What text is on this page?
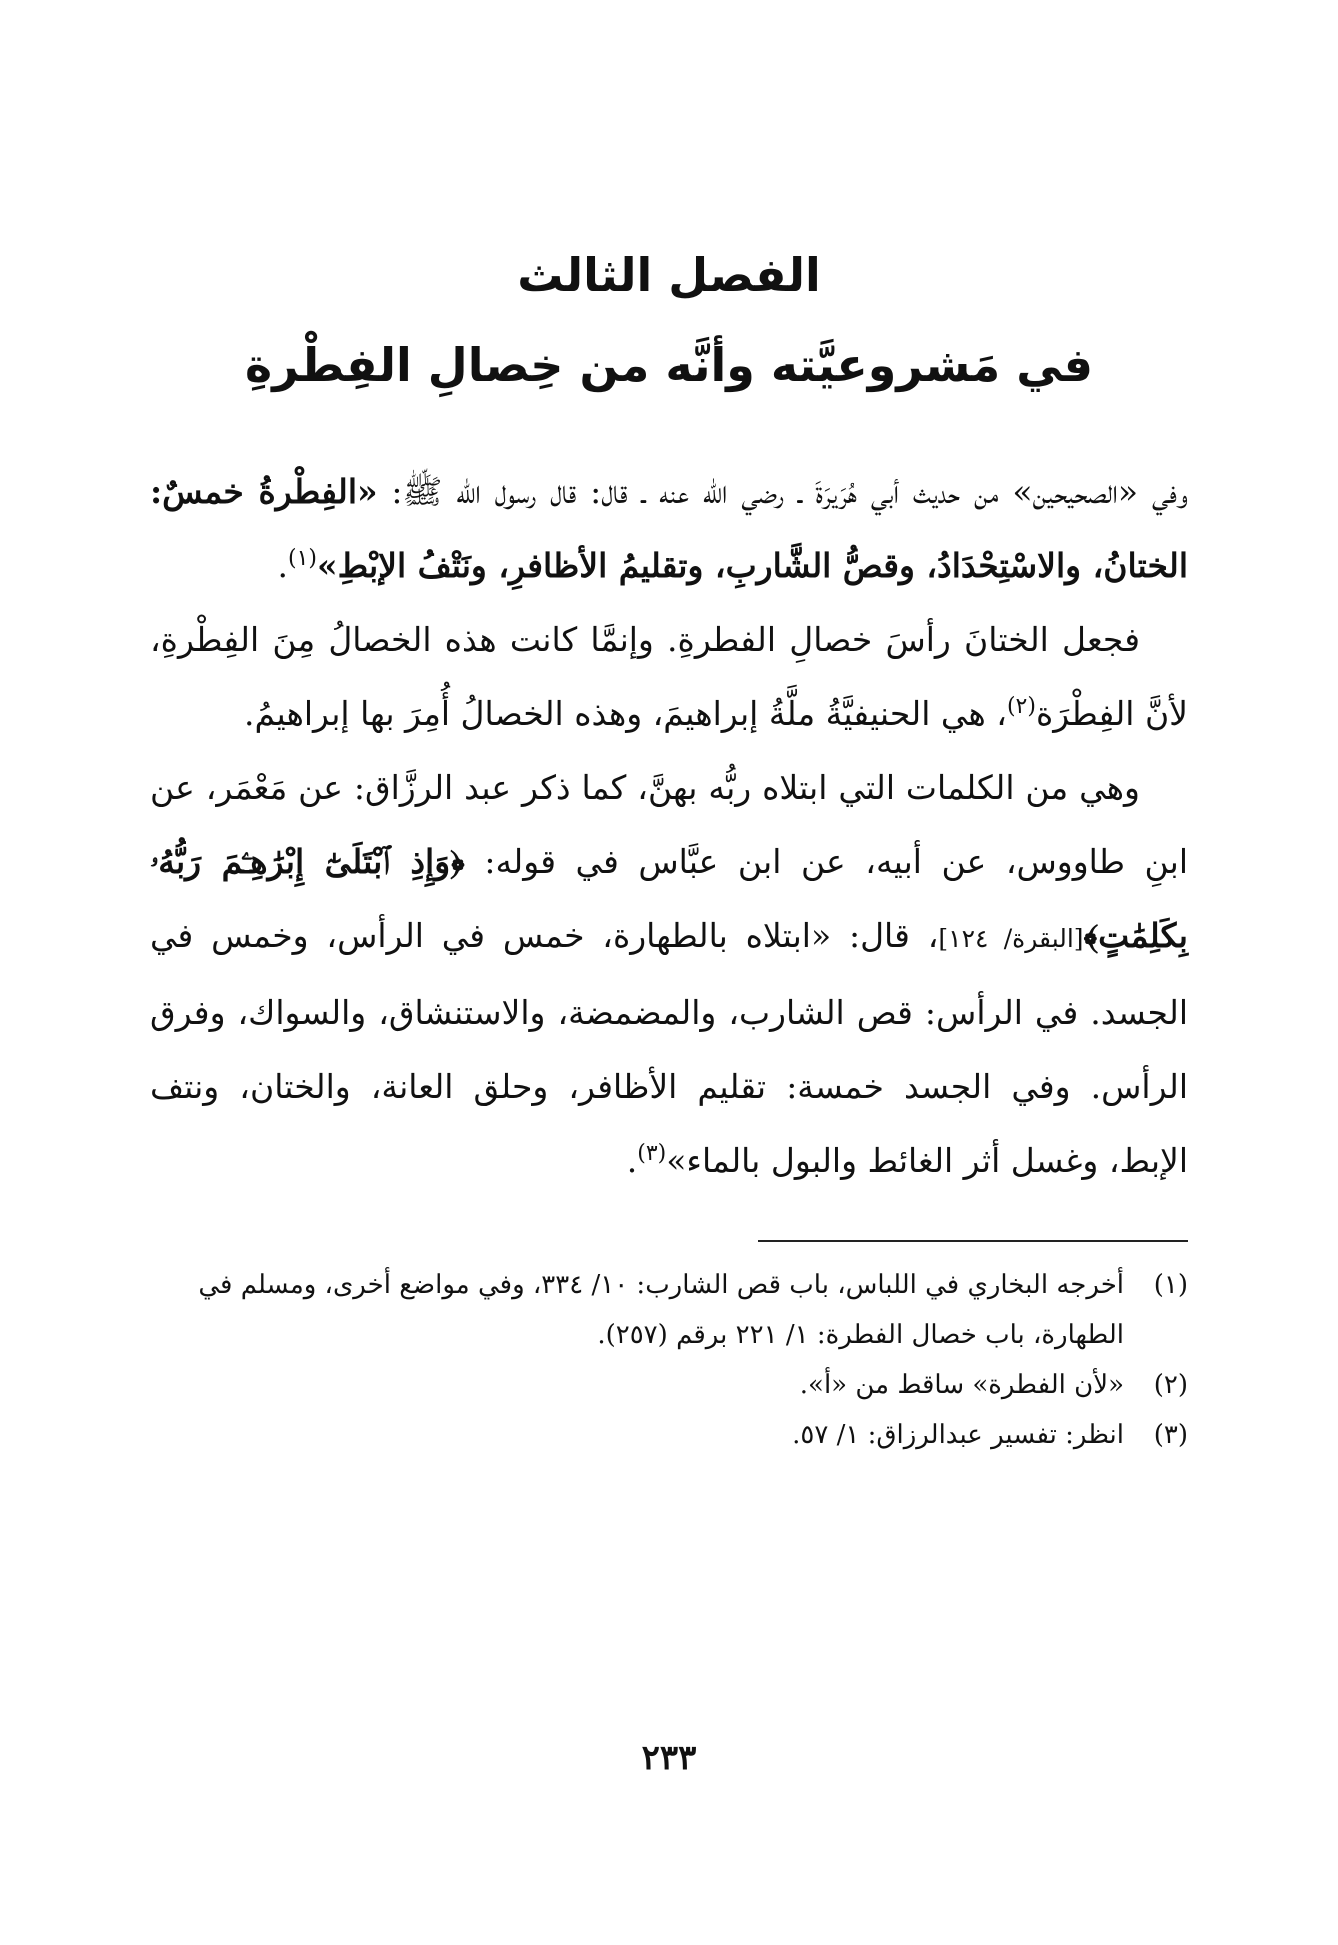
الفصل الثالث
في مَشروعيَّته وأنَّه من خِصالِ الفِطْرةِ

وفي «الصحيحين» من حديث أبي هُرَيرَةَ ـ رضي الله عنه ـ قال: قال رسول الله ﷺ: «الفِطْرةُ خمسٌ: الختانُ، والاسْتِحْدَادُ، وقصُّ الشَّاربِ، وتقليمُ الأظافرِ، ونَتْفُ الإبْطِ»$^{(١)}$.

فجعل الختانَ رأسَ خصالِ الفطرةِ. وإنمَّا كانت هذه الخصالُ مِنَ الفِطْرةِ، لأنَّ الفِطْرَة$^{(٢)}$، هي الحنيفيَّةُ ملَّةُ إبراهيمَ، وهذه الخصالُ أُمِرَ بها إبراهيمُ.

وهي من الكلمات التي ابتلاه ربُّه بهنَّ، كما ذكر عبد الرزَّاق: عن مَعْمَر، عن ابنِ طاووس، عن أبيه، عن ابن عبَّاس في قوله: ﴿وَإِذِ ٱبْتَلَىٰٓ إِبْرَٰهِـۧمَ رَبُّهُۥ بِكَلِمَٰتٍ﴾[البقرة/ ١٢٤]، قال: «ابتلاه بالطهارة، خمس في الرأس، وخمس في الجسد. في الرأس: قص الشارب، والمضمضة، والاستنشاق، والسواك، وفرق الرأس. وفي الجسد خمسة: تقليم الأظافر، وحلق العانة، والختان، ونتف الإبط، وغسل أثر الغائط والبول بالماء»$^{(٣)}$.

(١)أخرجه البخاري في اللباس، باب قص الشارب: ١٠/ ٣٣٤، وفي مواضع أخرى، ومسلم في الطهارة، باب خصال الفطرة: ١/ ٢٢١ برقم (٢٥٧).

(٢)«لأن الفطرة» ساقط من «أ».

(٣)انظر: تفسير عبدالرزاق: ١/ ٥٧.

٢٣٣
